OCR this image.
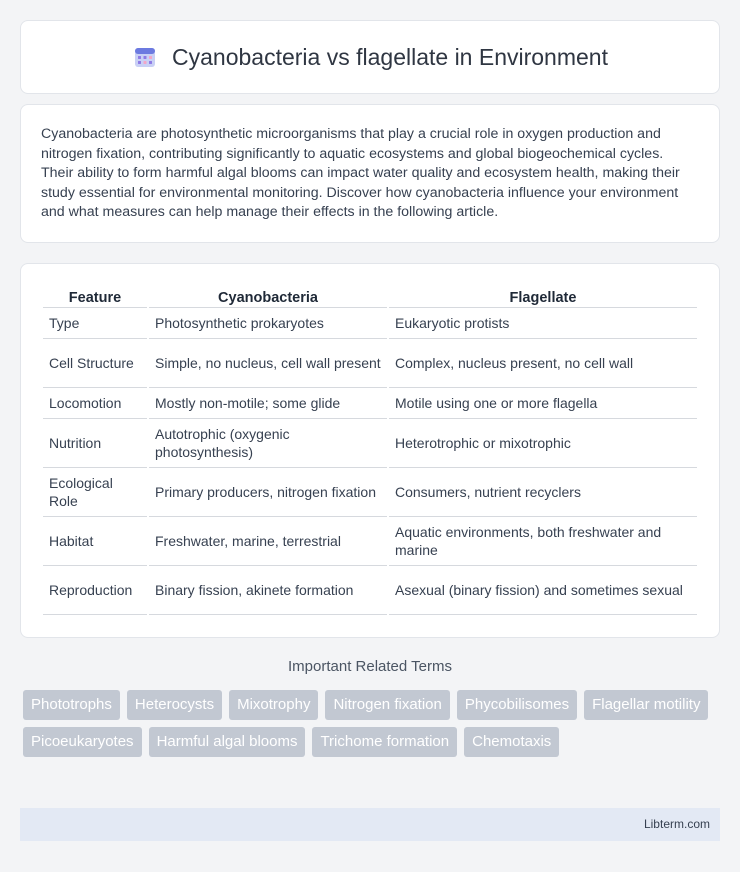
Cyanobacteria vs flagellate in Environment

Cyanobacteria are photosynthetic microorganisms that play a crucial role in oxygen production and nitrogen fixation, contributing significantly to aquatic ecosystems and global biogeochemical cycles. Their ability to form harmful algal blooms can impact water quality and ecosystem health, making their study essential for environmental monitoring. Discover how cyanobacteria influence your environment and what measures can help manage their effects in the following article.

Feature	Cyanobacteria	Flagellate
Type	Photosynthetic prokaryotes	Eukaryotic protists
Cell Structure	Simple, no nucleus, cell wall present	Complex, nucleus present, no cell wall
Locomotion	Mostly non-motile; some glide	Motile using one or more flagella
Nutrition	Autotrophic (oxygenic photosynthesis)	Heterotrophic or mixotrophic
Ecological Role	Primary producers, nitrogen fixation	Consumers, nutrient recyclers
Habitat	Freshwater, marine, terrestrial	Aquatic environments, both freshwater and marine
Reproduction	Binary fission, akinete formation	Asexual (binary fission) and sometimes sexual
Important Related Terms
Phototrophs	Heterocysts	Mixotrophy	Nitrogen fixation	Phycobilisomes	Flagellar motility
Picoeukaryotes	Harmful algal blooms	Trichome formation	Chemotaxis
Libterm.com
